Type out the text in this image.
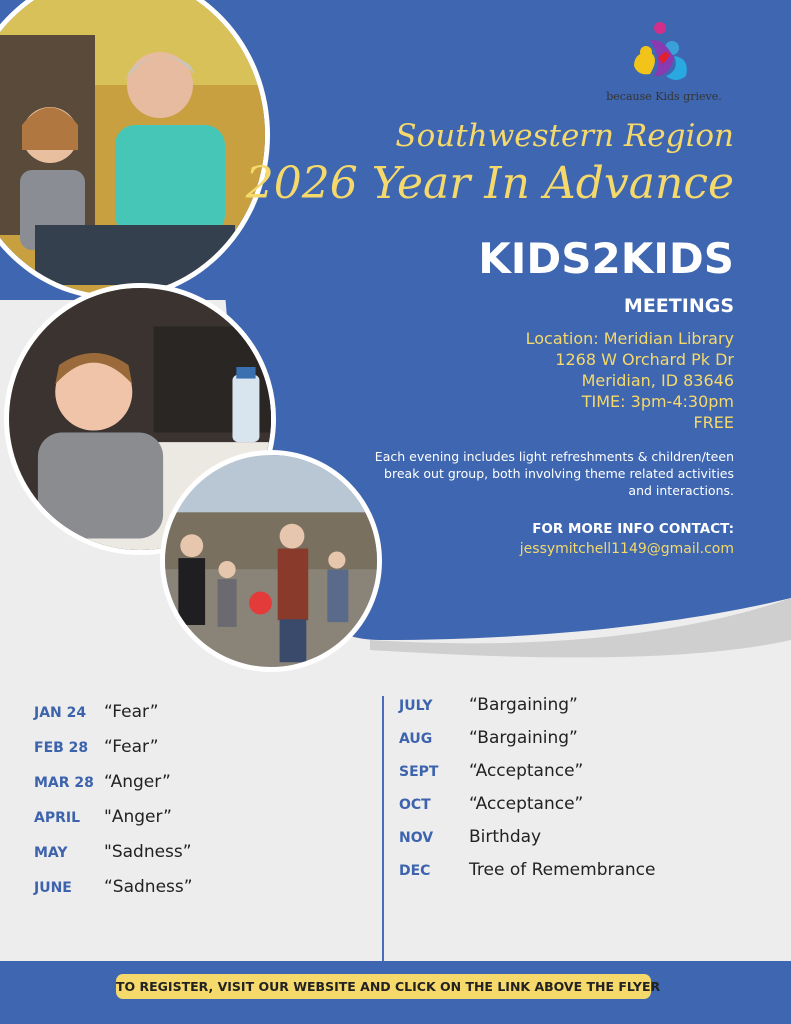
because Kids grieve.
Southwestern Region
2026 Year In Advance
KIDS2KIDS
MEETINGS
Location: Meridian Library
1268 W Orchard Pk Dr
Meridian, ID 83646
TIME: 3pm-4:30pm
FREE
Each evening includes light refreshments & children/teen break out group, both involving theme related activities and interactions.
FOR MORE INFO CONTACT:
jessymitchell1149@gmail.com
JAN 24 “Fear”
FEB 28 “Fear”
MAR 28 “Anger”
APRIL "Anger”
MAY "Sadness”
JUNE “Sadness”
JULY “Bargaining”
AUG “Bargaining”
SEPT “Acceptance”
OCT “Acceptance”
NOV Birthday
DEC Tree of Remembrance
TO REGISTER, VISIT OUR WEBSITE AND CLICK ON THE LINK ABOVE THE FLYER
